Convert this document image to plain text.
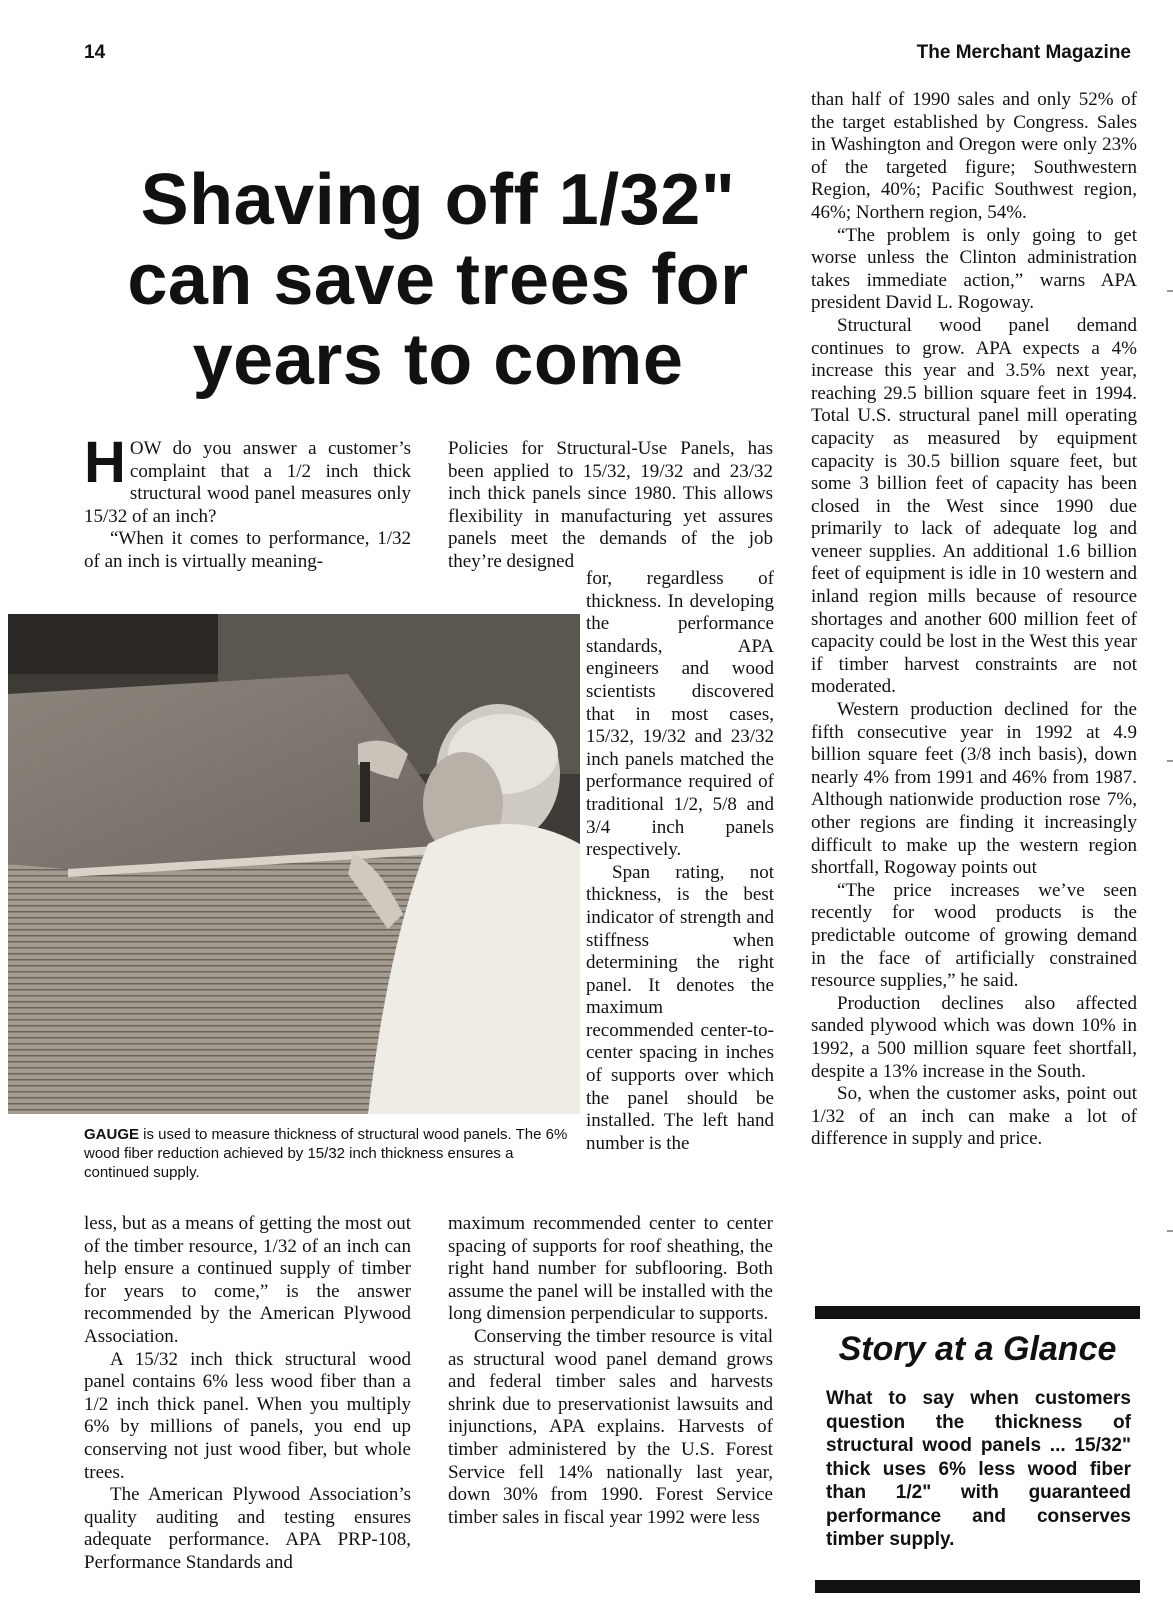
14	The Merchant Magazine
Shaving off 1/32" can save trees for years to come

HOW do you answer a customer’s complaint that a 1/2 inch thick structural wood panel measures only 15/32 of an inch?

“When it comes to performance, 1/32 of an inch is virtually meaning-

Policies for Structural-Use Panels, has been applied to 15/32, 19/32 and 23/32 inch thick panels since 1980. This allows flexibility in manufacturing yet assures panels meet the demands of the job they’re designed

GAUGE is used to measure thickness of structural wood panels. The 6% wood fiber reduction achieved by 15/32 inch thickness ensures a continued supply.

for, regardless of thickness. In developing the performance standards, APA engineers and wood scientists discovered that in most cases, 15/32, 19/32 and 23/32 inch panels matched the performance required of traditional 1/2, 5/8 and 3/4 inch panels respectively.

Span rating, not thickness, is the best indicator of strength and stiffness when determining the right panel. It denotes the maximum recommended center-to-center spacing in inches of supports over which the panel should be installed. The left hand number is the

less, but as a means of getting the most out of the timber resource, 1/32 of an inch can help ensure a continued supply of timber for years to come,” is the answer recommended by the American Plywood Association.

A 15/32 inch thick structural wood panel contains 6% less wood fiber than a 1/2 inch thick panel. When you multiply 6% by millions of panels, you end up conserving not just wood fiber, but whole trees.

The American Plywood Association’s quality auditing and testing ensures adequate performance. APA PRP-108, Performance Standards and

maximum recommended center to center spacing of supports for roof sheathing, the right hand number for subflooring. Both assume the panel will be installed with the long dimension perpendicular to supports.

Conserving the timber resource is vital as structural wood panel demand grows and federal timber sales and harvests shrink due to preservationist lawsuits and injunctions, APA explains. Harvests of timber administered by the U.S. Forest Service fell 14% nationally last year, down 30% from 1990. Forest Service timber sales in fiscal year 1992 were less

than half of 1990 sales and only 52% of the target established by Congress. Sales in Washington and Oregon were only 23% of the targeted figure; Southwestern Region, 40%; Pacific Southwest region, 46%; Northern region, 54%.

“The problem is only going to get worse unless the Clinton administration takes immediate action,” warns APA president David L. Rogoway.

Structural wood panel demand continues to grow. APA expects a 4% increase this year and 3.5% next year, reaching 29.5 billion square feet in 1994. Total U.S. structural panel mill operating capacity as measured by equipment capacity is 30.5 billion square feet, but some 3 billion feet of capacity has been closed in the West since 1990 due primarily to lack of adequate log and veneer supplies. An additional 1.6 billion feet of equipment is idle in 10 western and inland region mills because of resource shortages and another 600 million feet of capacity could be lost in the West this year if timber harvest constraints are not moderated.

Western production declined for the fifth consecutive year in 1992 at 4.9 billion square feet (3/8 inch basis), down nearly 4% from 1991 and 46% from 1987. Although nationwide production rose 7%, other regions are finding it increasingly difficult to make up the western region shortfall, Rogoway points out

“The price increases we’ve seen recently for wood products is the predictable outcome of growing demand in the face of artificially constrained resource supplies,” he said.

Production declines also affected sanded plywood which was down 10% in 1992, a 500 million square feet shortfall, despite a 13% increase in the South.

So, when the customer asks, point out 1/32 of an inch can make a lot of difference in supply and price.

Story at a Glance
What to say when customers question the thickness of structural wood panels ... 15/32" thick uses 6% less wood fiber than 1/2" with guaranteed performance and conserves timber supply.
